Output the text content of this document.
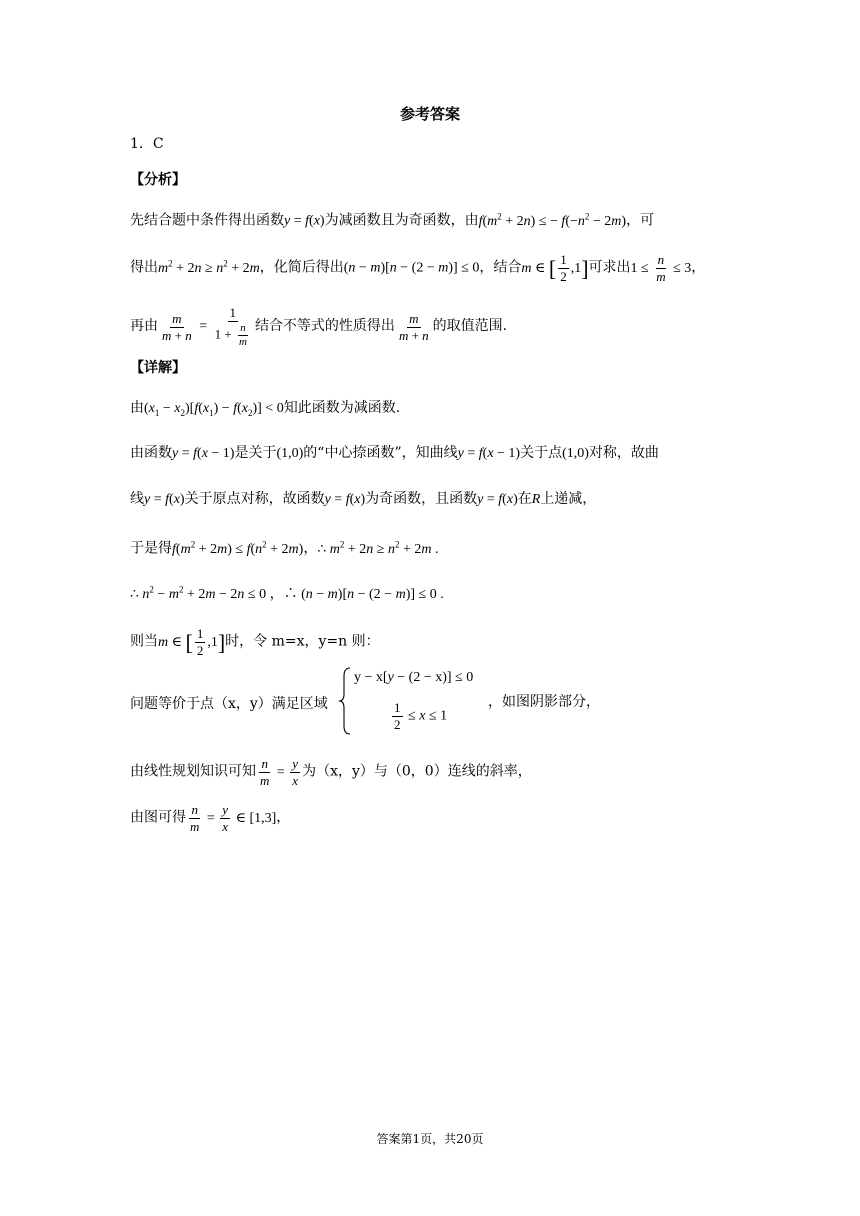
参考答案
1．C
【分析】
先结合题中条件得出函数y = f(x)为减函数且为奇函数，由$f(m^2 + 2n)$ ≤ − $f(-n^2 - 2m)$，可
得出$m^2 + 2n \ge n^2 + 2m$，化简后得出(n − m)[n − (2 − m)] ≤ 0，结合m ∈ [ $\frac{1}{2} ,1$]可求出$1 \le \frac{n}{m} \le 3$，
再由 $\frac{m}{m + n} = \frac{1}{1 + \frac{n}{m}}$ 结合不等式的性质得出 $\frac{m}{m + n}$ 的取值范围.
【详解】
由$(x_1 - x_2)[f(x_1) - f(x_2)] < 0$知此函数为减函数.
由函数y = f(x − 1)是关于(1,0)的“中心捺函数”，知曲线y = f(x − 1)关于点(1,0)对称，故曲
线y = f(x)关于原点对称，故函数y = f(x)为奇函数，且函数y = f(x)在R上递减，
于是得$f(m^2 + 2m) \le f(n^2 + 2m)$，∴ $m^2 + 2n \ge n^2 + 2m$ .
∴ $n^2 - m^2 + 2m - 2n \le 0$ ，∴ (n − m)[n − (2 − m)] ≤ 0 .
则当m ∈ [ $\frac{1}{2} ,1$]时，令 m=x，y=n 则：
问题等价于点（x，y）满足区域
y − x[y − (2 − x)] ≤ 0
$\frac{1}{2} \le x \le 1$
，如图阴影部分，
由线性规划知识可知 $\frac{n}{m} = \frac{y}{x}$ 为（x，y）与（0，0）连线的斜率，
由图可得 $\frac{n}{m} = \frac{y}{x}$ ∈ [1,3]，
答案第1页，共20页
